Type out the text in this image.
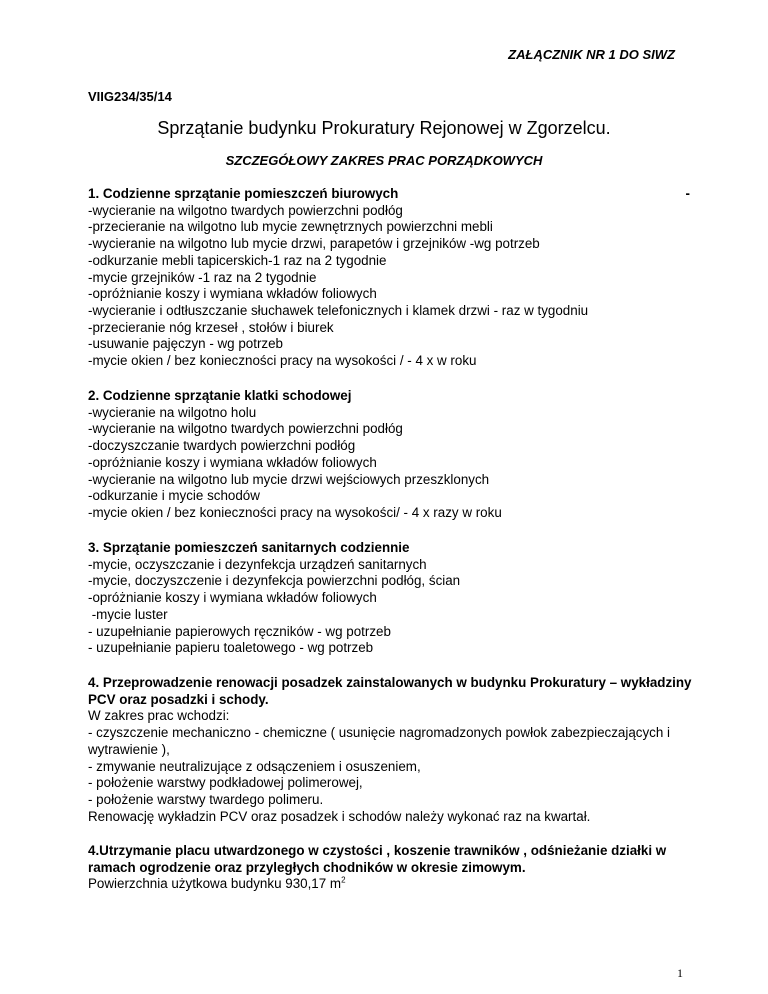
ZAŁĄCZNIK NR 1 DO SIWZ
VIIG234/35/14
Sprzątanie budynku Prokuratury Rejonowej w Zgorzelcu.
SZCZEGÓŁOWY ZAKRES PRAC PORZĄDKOWYCH
1. Codzienne sprzątanie pomieszczeń biurowych	-
-wycieranie na wilgotno twardych powierzchni podłóg
-przecieranie na wilgotno lub mycie zewnętrznych powierzchni mebli
-wycieranie na wilgotno lub mycie drzwi, parapetów i grzejników -wg potrzeb
-odkurzanie mebli tapicerskich-1 raz na 2 tygodnie
-mycie grzejników -1 raz na 2 tygodnie
-opróżnianie koszy i wymiana wkładów foliowych
-wycieranie i odtłuszczanie słuchawek telefonicznych i klamek drzwi - raz w tygodniu
-przecieranie nóg krzeseł , stołów i biurek
-usuwanie pajęczyn - wg potrzeb
-mycie okien / bez konieczności pracy na wysokości / - 4 x w roku
2. Codzienne sprzątanie klatki schodowej
-wycieranie na wilgotno holu
-wycieranie na wilgotno twardych powierzchni podłóg
-doczyszczanie twardych powierzchni podłóg
-opróżnianie koszy i wymiana wkładów foliowych
-wycieranie na wilgotno lub mycie drzwi wejściowych przeszklonych
-odkurzanie i mycie schodów
-mycie okien / bez konieczności pracy na wysokości/ - 4 x razy w roku
3. Sprzątanie pomieszczeń sanitarnych codziennie
-mycie, oczyszczanie i dezynfekcja urządzeń sanitarnych
-mycie, doczyszczenie i dezynfekcja powierzchni podłóg, ścian
-opróżnianie koszy i wymiana wkładów foliowych
-mycie luster
- uzupełnianie papierowych ręczników - wg potrzeb
- uzupełnianie papieru toaletowego - wg potrzeb
4. Przeprowadzenie renowacji posadzek zainstalowanych w budynku Prokuratury – wykładziny PCV oraz posadzki i schody.
W zakres prac wchodzi:
- czyszczenie mechaniczno - chemiczne ( usunięcie nagromadzonych powłok zabezpieczających i wytrawienie ),
- zmywanie neutralizujące z odsączeniem i osuszeniem,
- położenie warstwy podkładowej polimerowej,
- położenie warstwy twardego polimeru.
Renowację wykładzin PCV oraz posadzek i schodów należy wykonać raz na kwartał.
4.Utrzymanie placu utwardzonego w czystości , koszenie trawników , odśnieżanie działki w ramach ogrodzenie oraz przyległych chodników w okresie zimowym.
Powierzchnia użytkowa budynku 930,17 $m^2$
1
